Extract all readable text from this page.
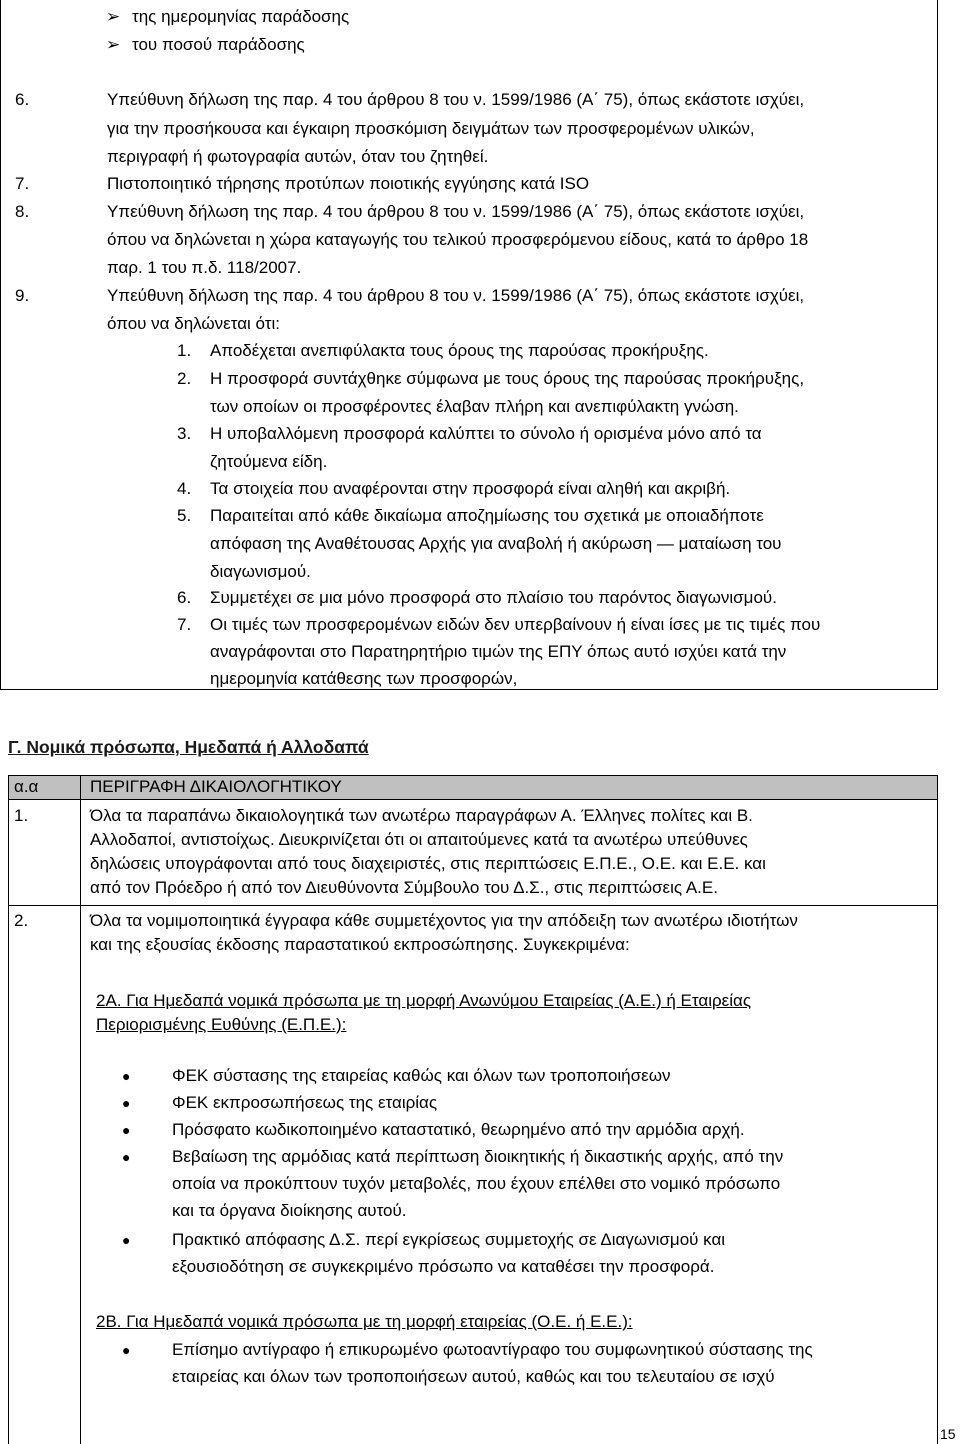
➢ της ημερομηνίας παράδοσης
➢ του ποσού παράδοσης
6.	Υπεύθυνη δήλωση της παρ. 4 του άρθρου 8 του ν. 1599/1986 (Α΄ 75), όπως εκάστοτε ισχύει,
για την προσήκουσα και έγκαιρη προσκόμιση δειγμάτων των προσφερομένων υλικών,
περιγραφή ή φωτογραφία αυτών, όταν του ζητηθεί.
7.	Πιστοποιητικό τήρησης προτύπων ποιοτικής εγγύησης κατά ISO
8.	Υπεύθυνη δήλωση της παρ. 4 του άρθρου 8 του ν. 1599/1986 (Α΄ 75), όπως εκάστοτε ισχύει,
όπου να δηλώνεται η χώρα καταγωγής του τελικού προσφερόμενου είδους, κατά το άρθρο 18
παρ. 1 του π.δ. 118/2007.
9.	Υπεύθυνη δήλωση της παρ. 4 του άρθρου 8 του ν. 1599/1986 (Α΄ 75), όπως εκάστοτε ισχύει,
όπου να δηλώνεται ότι:
1. Αποδέχεται ανεπιφύλακτα τους όρους της παρούσας προκήρυξης.
2. Η προσφορά συντάχθηκε σύμφωνα με τους όρους της παρούσας προκήρυξης,
των οποίων οι προσφέροντες έλαβαν πλήρη και ανεπιφύλακτη γνώση.
3. Η υποβαλλόμενη προσφορά καλύπτει το σύνολο ή ορισμένα μόνο από τα
ζητούμενα είδη.
4. Τα στοιχεία που αναφέρονται στην προσφορά είναι αληθή και ακριβή.
5. Παραιτείται από κάθε δικαίωμα αποζημίωσης του σχετικά με οποιαδήποτε
απόφαση της Αναθέτουσας Αρχής για αναβολή ή ακύρωση — ματαίωση του
διαγωνισμού.
6. Συμμετέχει σε μια μόνο προσφορά στο πλαίσιο του παρόντος διαγωνισμού.
7. Οι τιμές των προσφερομένων ειδών δεν υπερβαίνουν ή είναι ίσες με τις τιμές που
αναγράφονται στο Παρατηρητήριο τιμών της ΕΠΥ όπως αυτό ισχύει κατά την
ημερομηνία κατάθεσης των προσφορών,
Γ. Νομικά πρόσωπα, Ημεδαπά ή Αλλοδαπά
α.α	ΠΕΡΙΓΡΑΦΗ ΔΙΚΑΙΟΛΟΓΗΤΙΚΟΥ
1.	Όλα τα παραπάνω δικαιολογητικά των ανωτέρω παραγράφων Α. Έλληνες πολίτες και Β.
Αλλοδαποί, αντιστοίχως. Διευκρινίζεται ότι οι απαιτούμενες κατά τα ανωτέρω υπεύθυνες
δηλώσεις υπογράφονται από τους διαχειριστές, στις περιπτώσεις Ε.Π.Ε., Ο.Ε. και Ε.Ε. και
από τον Πρόεδρο ή από τον Διευθύνοντα Σύμβουλο του Δ.Σ., στις περιπτώσεις Α.Ε.
2.	Όλα τα νομιμοποιητικά έγγραφα κάθε συμμετέχοντος για την απόδειξη των ανωτέρω ιδιοτήτων
και της εξουσίας έκδοσης παραστατικού εκπροσώπησης. Συγκεκριμένα:
2Α. Για Ημεδαπά νομικά πρόσωπα με τη μορφή Ανωνύμου Εταιρείας (Α.Ε.) ή Εταιρείας
Περιορισμένης Ευθύνης (Ε.Π.Ε.):
● ΦΕΚ σύστασης της εταιρείας καθώς και όλων των τροποποιήσεων
● ΦΕΚ εκπροσωπήσεως της εταιρίας
● Πρόσφατο κωδικοποιημένο καταστατικό, θεωρημένο από την αρμόδια αρχή.
● Βεβαίωση της αρμόδιας κατά περίπτωση διοικητικής ή δικαστικής αρχής, από την
οποία να προκύπτουν τυχόν μεταβολές, που έχουν επέλθει στο νομικό πρόσωπο
και τα όργανα διοίκησης αυτού.
● Πρακτικό απόφασης Δ.Σ. περί εγκρίσεως συμμετοχής σε Διαγωνισμού και
εξουσιοδότηση σε συγκεκριμένο πρόσωπο να καταθέσει την προσφορά.
2Β. Για Ημεδαπά νομικά πρόσωπα με τη μορφή εταιρείας (Ο.Ε. ή Ε.Ε.):
● Επίσημο αντίγραφο ή επικυρωμένο φωτοαντίγραφο του συμφωνητικού σύστασης της
εταιρείας και όλων των τροποποιήσεων αυτού, καθώς και του τελευταίου σε ισχύ
15
